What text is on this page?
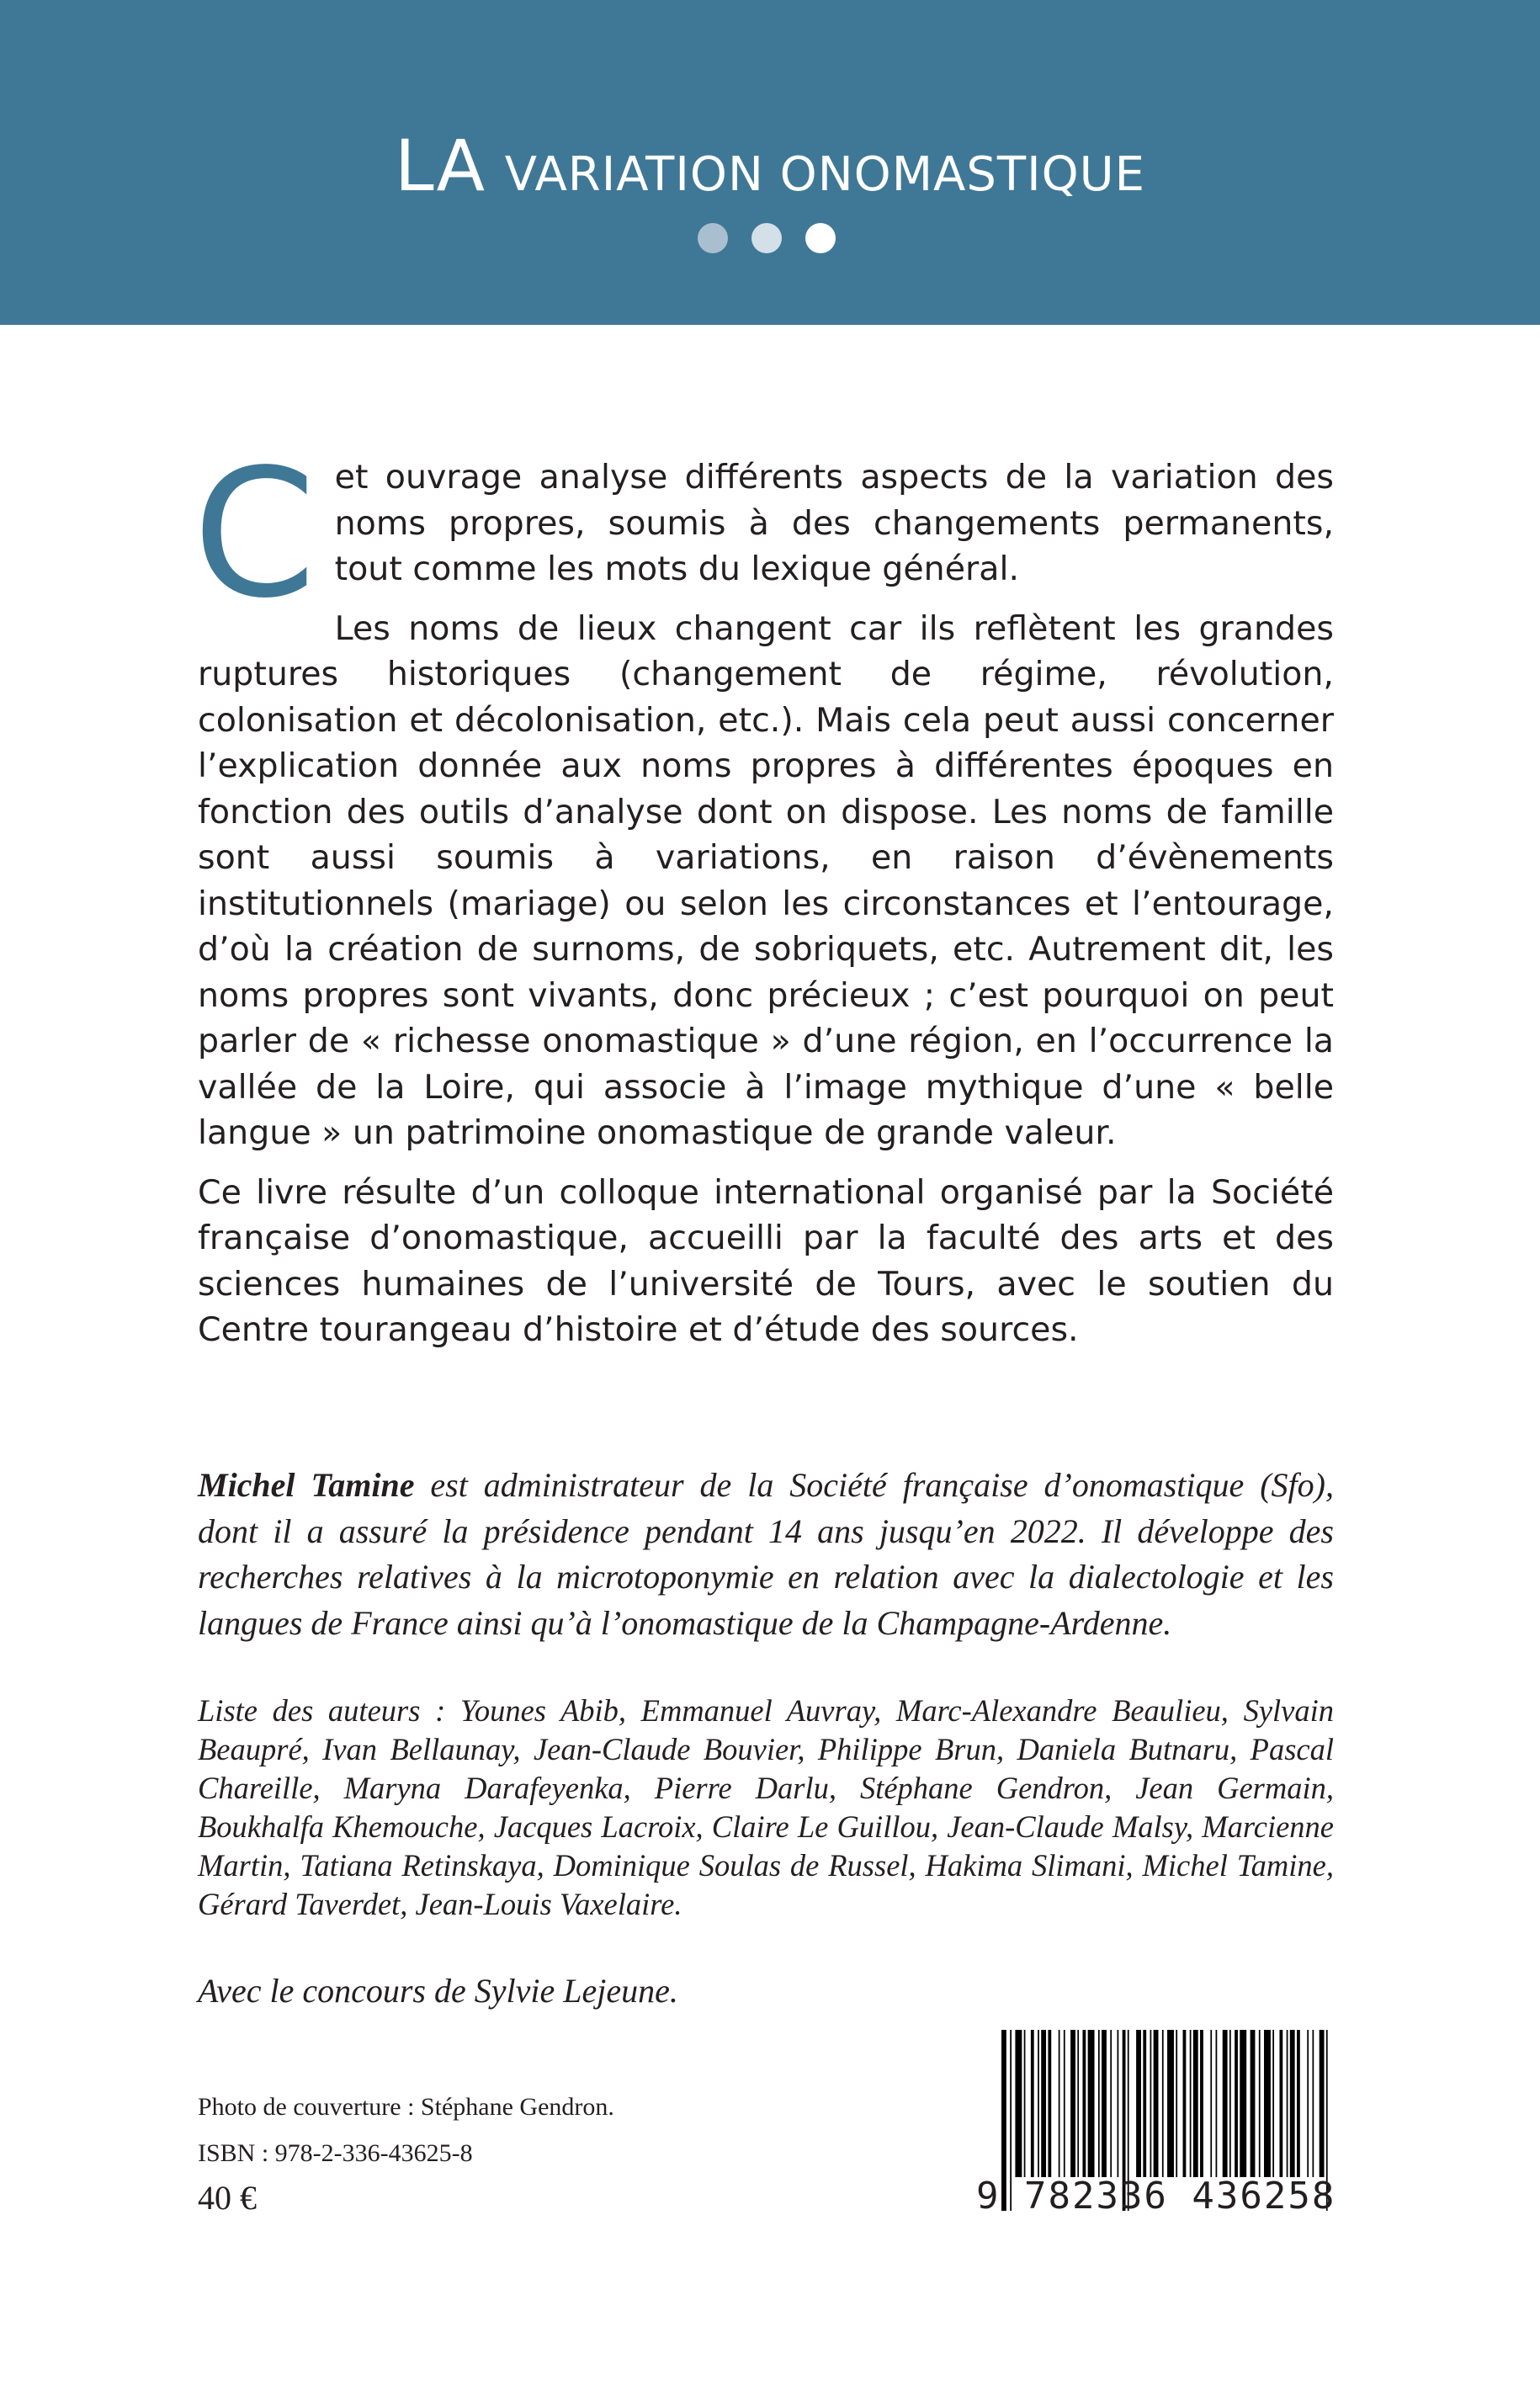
LA VARIATION ONOMASTIQUE

C et ouvrage analyse différents aspects de la variation des noms propres, soumis à des changements permanents, tout comme les mots du lexique général.

Les noms de lieux changent car ils reflètent les grandes ruptures historiques (changement de régime, révolution, colonisation et décolonisation, etc.). Mais cela peut aussi concerner l’explication donnée aux noms propres à différentes époques en fonction des outils d’analyse dont on dispose. Les noms de famille sont aussi soumis à variations, en raison d’évènements institutionnels (mariage) ou selon les circonstances et l’entourage, d’où la création de surnoms, de sobriquets, etc. Autrement dit, les noms propres sont vivants, donc précieux ; c’est pourquoi on peut parler de « richesse onomastique » d’une région, en l’occurrence la vallée de la Loire, qui associe à l’image mythique d’une « belle langue » un patrimoine onomastique de grande valeur.

Ce livre résulte d’un colloque international organisé par la Société française d’onomastique, accueilli par la faculté des arts et des sciences humaines de l’université de Tours, avec le soutien du Centre tourangeau d’histoire et d’étude des sources.

Michel Tamine est administrateur de la Société française d’onomastique (Sfo), dont il a assuré la présidence pendant 14 ans jusqu’en 2022. Il développe des recherches relatives à la microtoponymie en relation avec la dialectologie et les langues de France ainsi qu’à l’onomastique de la Champagne-Ardenne.
Liste des auteurs : Younes Abib, Emmanuel Auvray, Marc-Alexandre Beaulieu, Sylvain Beaupré, Ivan Bellaunay, Jean-Claude Bouvier, Philippe Brun, Daniela Butnaru, Pascal Chareille, Maryna Darafeyenka, Pierre Darlu, Stéphane Gendron, Jean Germain, Boukhalfa Khemouche, Jacques Lacroix, Claire Le Guillou, Jean-Claude Malsy, Marcienne Martin, Tatiana Retinskaya, Dominique Soulas de Russel, Hakima Slimani, Michel Tamine, Gérard Taverdet, Jean-Louis Vaxelaire.
Avec le concours de Sylvie Lejeune.
Photo de couverture : Stéphane Gendron.
ISBN : 978-2-336-43625-8
40 €	9 782336 436258
